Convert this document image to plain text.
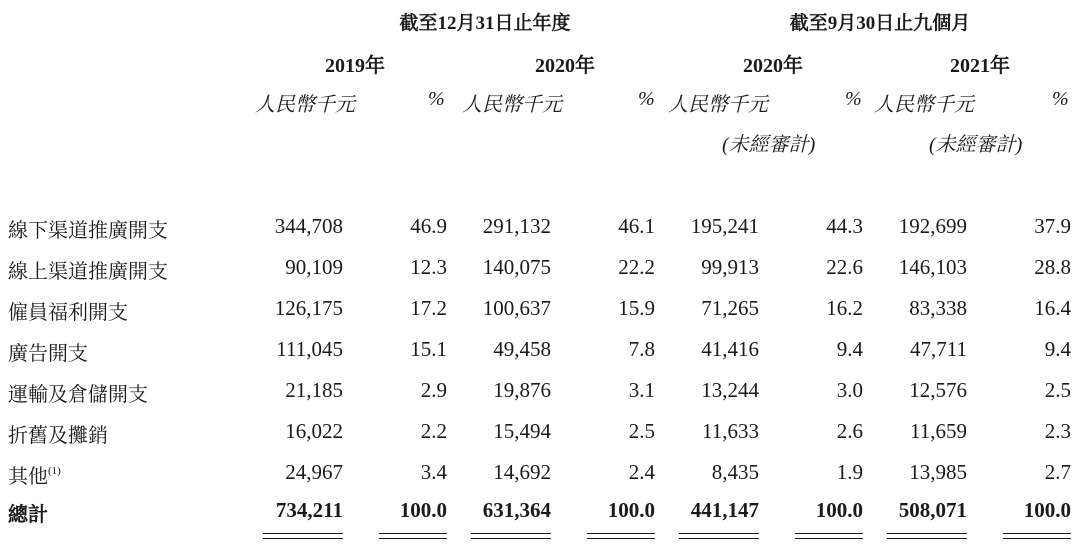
截至12月31日止年度	截至9月30日止九個月
2019年	2020年	2020年	2021年
人民幣千元	% 人民幣千元	% 人民幣千元	% 人民幣千元	%
(未經審計)	(未經審計)
線下渠道推廣開支	344,708	46.9	291,132	46.1	195,241	44.3	192,699	37.9
線上渠道推廣開支	90,109	12.3	140,075	22.2	99,913	22.6	146,103	28.8
僱員福利開支	126,175	17.2	100,637	15.9	71,265	16.2	83,338	16.4
廣告開支	111,045	15.1	49,458	7.8	41,416	9.4	47,711	9.4
運輸及倉儲開支	21,185	2.9	19,876	3.1	13,244	3.0	12,576	2.5
折舊及攤銷	16,022	2.2	15,494	2.5	11,633	2.6	11,659	2.3
其他$^{(1)}$	24,967	3.4	14,692	2.4	8,435	1.9	13,985	2.7
總計	734,211	100.0	631,364	100.0	441,147	100.0	508,071	100.0
